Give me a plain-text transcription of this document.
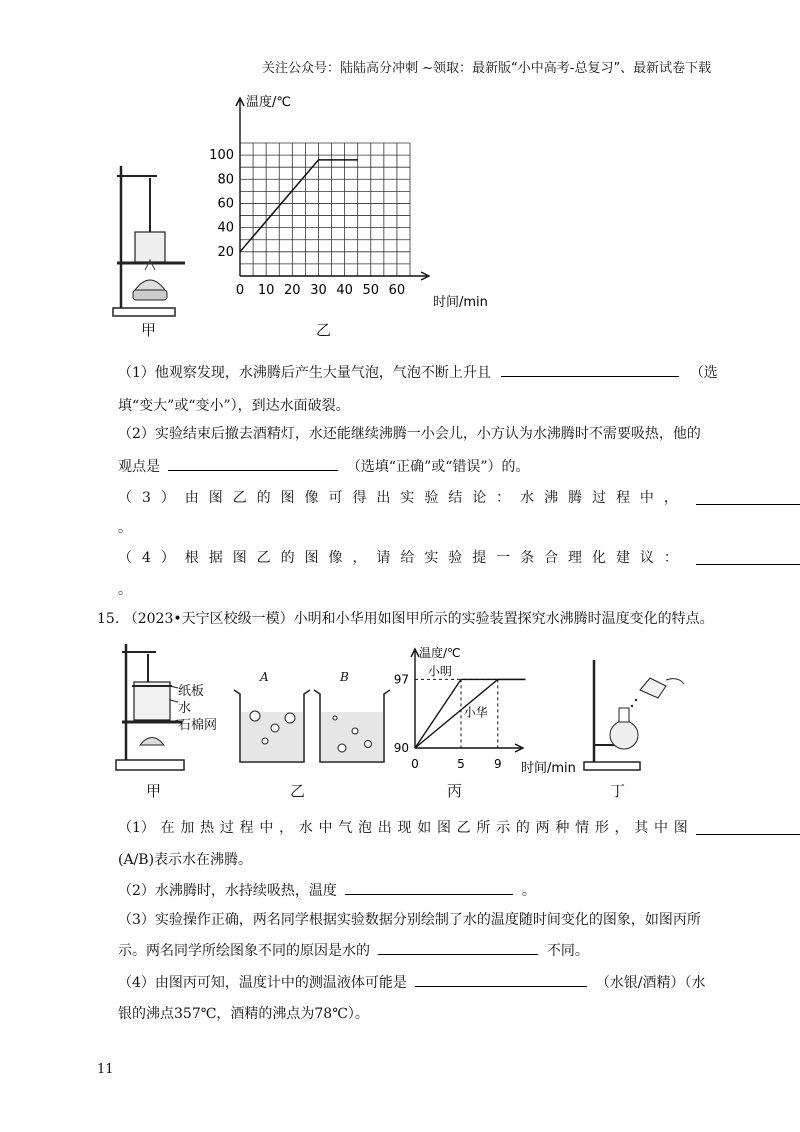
关注公众号：陆陆高分冲刺 ~领取：最新版“小中高考-总复习”、最新试卷下载
甲
温度/℃
时间/min
0 10 20 30 40 50 60
20
40
60
80
100
乙
（1）他观察发现，水沸腾后产生大量气泡，气泡不断上升且	（选
填“变大”或“变小”），到达水面破裂。
（2）实验结束后撤去酒精灯，水还能继续沸腾一小会儿，小方认为水沸腾时不需要吸热，他的
观点是	（选填“正确”或“错误”）的。
（ 3 ） 由 图 乙 的 图 像 可 得 出 实 验 结 论 ： 水 沸 腾 过 程 中 ，
。
（ 4 ） 根 据 图 乙 的 图 像 ， 请 给 实 验 提 一 条 合 理 化 建 议 ：
。
15. （2023•天宁区校级一模）小明和小华用如图甲所示的实验装置探究水沸腾时温度变化的特点。
纸板
水
石棉网
甲
A	B
乙
温度/℃
时间/min
0	5 9
90
97
小明
小华
丙	丁
（1） 在 加 热 过 程 中 ， 水 中 气 泡 出 现 如 图 乙 所 示 的 两 种 情 形 ， 其 中 图
(A/B)表示水在沸腾。
（2）水沸腾时，水持续吸热，温度	。
（3）实验操作正确，两名同学根据实验数据分别绘制了水的温度随时间变化的图象，如图丙所
示。两名同学所绘图象不同的原因是水的	不同。
（4）由图丙可知，温度计中的测温液体可能是	（水银/酒精）（水
银的沸点357℃，酒精的沸点为78℃）。
11
